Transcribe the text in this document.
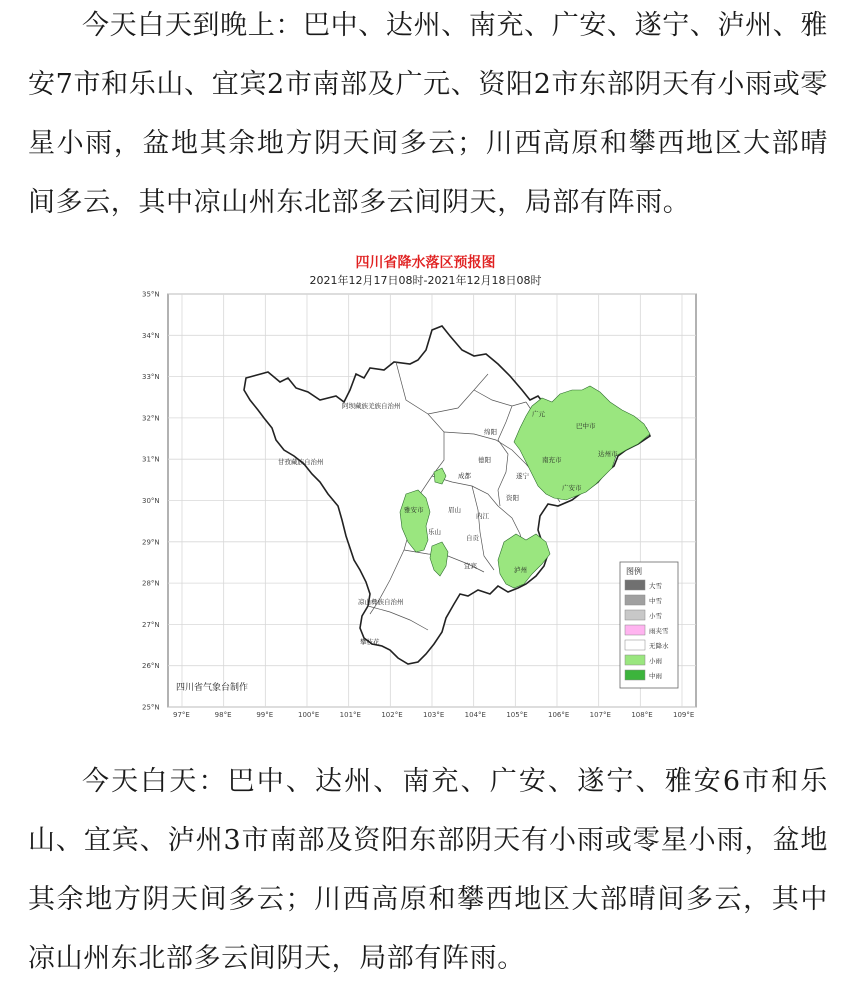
今天白天到晚上：巴中、达州、南充、广安、遂宁、泸州、雅安7市和乐山、宜宾2市南部及广元、资阳2市东部阴天有小雨或零星小雨，盆地其余地方阴天间多云；川西高原和攀西地区大部晴间多云，其中凉山州东北部多云间阴天，局部有阵雨。

四川省降水落区预报图
2021年12月17日08时-2021年12月18日08时
35°N
34°N
33°N
32°N
31°N
30°N
29°N
28°N
27°N
26°N
25°N
97°E	98°E	99°E	100°E	101°E	102°E	103°E	104°E	105°E	106°E	107°E	108°E	109°E
阿坝藏族羌族自治州
甘孜藏族自治州
凉山彝族自治州
攀枝花
广元
绵阳
德阳
成都
眉山
雅安市
乐山
资阳
内江
自贡
宜宾	泸州
遂宁
南充市
巴中市
达州市
广安市
四川省气象台制作
图例
大雪
中雪
小雪
雨夹雪
无降水
小雨
中雨

今天白天：巴中、达州、南充、广安、遂宁、雅安6市和乐山、宜宾、泸州3市南部及资阳东部阴天有小雨或零星小雨，盆地其余地方阴天间多云；川西高原和攀西地区大部晴间多云，其中凉山州东北部多云间阴天，局部有阵雨。
